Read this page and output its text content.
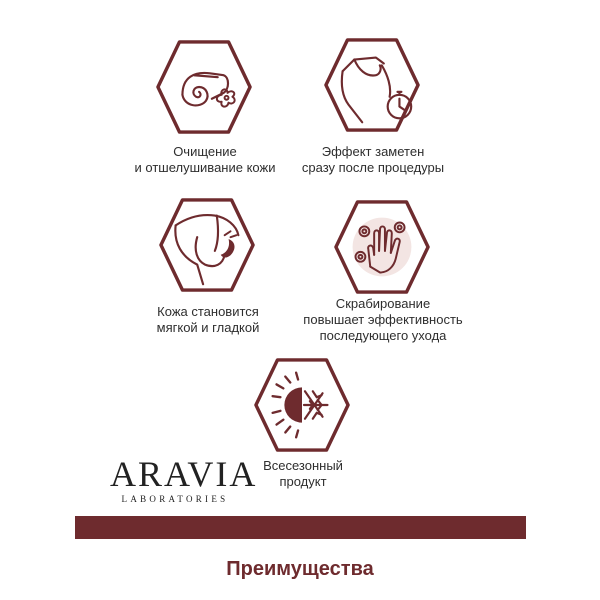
Очищение
и отшелушивание кожи
Эффект заметен
сразу после процедуры
Кожа становится
мягкой и гладкой
Скрабирование
повышает эффективность
последующего ухода
Всесезонный
продукт
ARAVIA
LABORATORIES
Преимущества
